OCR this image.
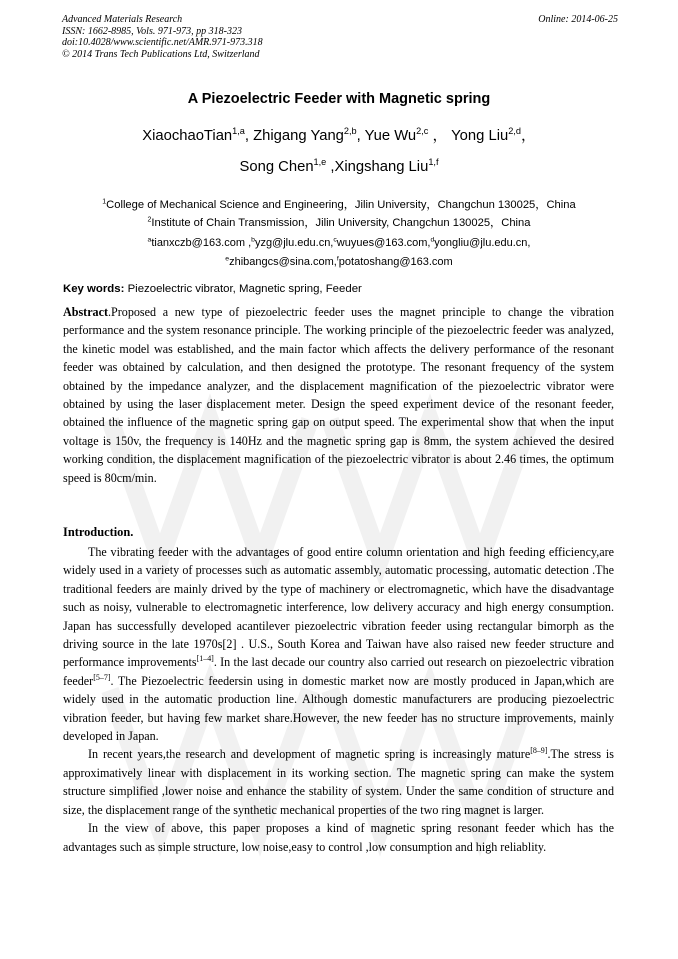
Advanced Materials Research
ISSN: 1662-8985, Vols. 971-973, pp 318-323
doi:10.4028/www.scientific.net/AMR.971-973.318
© 2014 Trans Tech Publications Ltd, Switzerland
Online: 2014-06-25
A Piezoelectric Feeder with Magnetic spring
XiaochaoTian$^{1,a}$, Zhigang Yang$^{2,b}$, Yue Wu$^{2,c}$ ， Yong Liu$^{2,d}$，
Song Chen$^{1,e}$ ,Xingshang Liu$^{1,f}$
$^1$College of Mechanical Science and Engineering，Jilin University，Changchun 130025，China
$^2$Institute of Chain Transmission，Jilin University, Changchun 130025，China
$^a$tianxczb@163.com ,$^b$yzg@jlu.edu.cn,$^c$wuyues@163.com,$^d$yongliu@jlu.edu.cn,
$^e$zhibangcs@sina.com,$^f$potatoshang@163.com
Key words: Piezoelectric vibrator, Magnetic spring, Feeder

Abstract.Proposed a new type of piezoelectric feeder uses the magnet principle to change the vibration performance and the system resonance principle. The working principle of the piezoelectric feeder was analyzed, the kinetic model was established, and the main factor which affects the delivery performance of the resonant feeder was obtained by calculation, and then designed the prototype. The resonant frequency of the system obtained by the impedance analyzer, and the displacement magnification of the piezoelectric vibrator were obtained by using the laser displacement meter. Design the speed experiment device of the resonant feeder, obtained the influence of the magnetic spring gap on output speed. The experimental show that when the input voltage is 150v, the frequency is 140Hz and the magnetic spring gap is 8mm, the system achieved the desired working condition, the displacement magnification of the piezoelectric vibrator is about 2.46 times, the optimum speed is 80cm/min.

Introduction.

The vibrating feeder with the advantages of good entire column orientation and high feeding efficiency,are widely used in a variety of processes such as automatic assembly, automatic processing, automatic detection .The traditional feeders are mainly drived by the type of machinery or electromagnetic, which have the disadvantage such as noisy, vulnerable to electromagnetic interference, low delivery accuracy and high energy consumption. Japan has successfully developed acantilever piezoelectric vibration feeder using rectangular bimorph as the driving source in the late 1970s[2] . U.S., South Korea and Taiwan have also raised new feeder structure and performance improvements[1–4]. In the last decade our country also carried out research on piezoelectric vibration feeder[5–7]. The Piezoelectric feedersin using in domestic market now are mostly produced in Japan,which are widely used in the automatic production line. Although domestic manufacturers are producing piezoelectric vibration feeder, but having few market share.However, the new feeder has no structure improvements, mainly developed in Japan.

In recent years,the research and development of magnetic spring is increasingly mature[8–9].The stress is approximatively linear with displacement in its working section. The magnetic spring can make the system structure simplified ,lower noise and enhance the stability of system. Under the same condition of structure and size, the displacement range of the synthetic mechanical properties of the two ring magnet is larger.

In the view of above, this paper proposes a kind of magnetic spring resonant feeder which has the advantages such as simple structure, low noise,easy to control ,low consumption and high reliablity.
